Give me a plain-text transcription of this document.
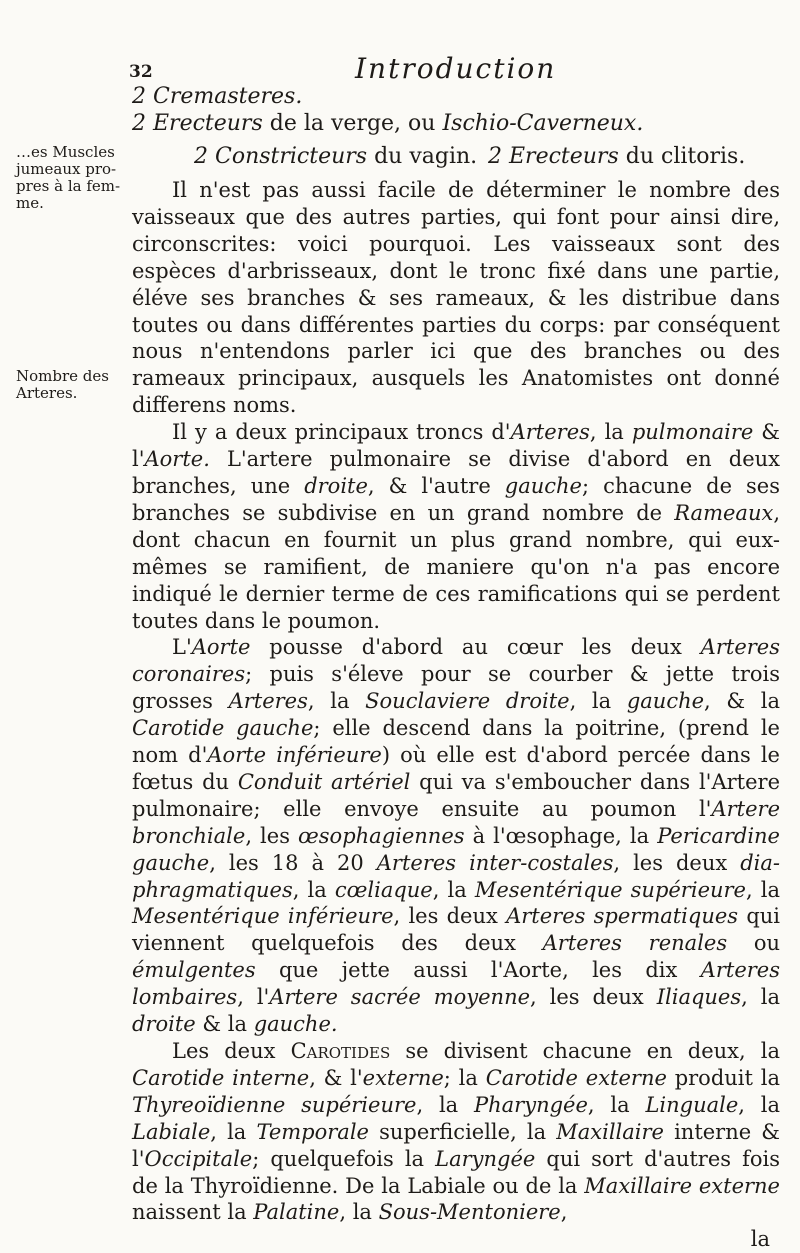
32	Introduction
2 Cremasteres.
2 Erecteurs de la verge, ou Ischio-Caverneux.
2 Constricteurs du vagin. 2 Erecteurs du clitoris.
…es Muscles
jumeaux pro-
pres à la fem-
me.
Nombre des
Arteres.

Il n'est pas aussi facile de déterminer le nombre des vaisseaux que des autres parties, qui font pour ainsi dire, circonscrites: voici pourquoi. Les vaisseaux sont des espèces d'arbrisseaux, dont le tronc fixé dans une partie, éléve ses branches & ses rameaux, & les distribue dans toutes ou dans différentes parties du corps: par conséquent nous n'entendons parler ici que des branches ou des rameaux principaux, ausquels les Anatomistes ont donné differens noms.

Il y a deux principaux troncs d'Arteres, la pulmonaire & l'Aorte. L'artere pulmonaire se divise d'abord en deux branches, une droite, & l'autre gauche; chacune de ses branches se subdivise en un grand nombre de Rameaux, dont chacun en fournit un plus grand nombre, qui eux-mêmes se ramifient, de maniere qu'on n'a pas encore indiqué le dernier terme de ces ramifications qui se perdent toutes dans le poumon.

L'Aorte pousse d'abord au cœur les deux Arteres coronaires; puis s'éleve pour se courber & jette trois grosses Arteres, la Souclaviere droite, la gauche, & la Carotide gauche; elle descend dans la poitrine, (prend le nom d'Aorte inférieure) où elle est d'abord percée dans le fœtus du Conduit artériel qui va s'emboucher dans l'Artere pulmonaire; elle envoye ensuite au poumon l'Artere bronchiale, les œsophagiennes à l'œsophage, la Pericardine gauche, les 18 à 20 Arteres inter-costales, les deux dia-phragmatiques, la cœliaque, la Mesentérique supérieure, la Mesentérique inférieure, les deux Arteres spermatiques qui viennent quelquefois des deux Arteres renales ou émulgentes que jette aussi l'Aorte, les dix Arteres lombaires, l'Artere sacrée moyenne, les deux Iliaques, la droite & la gauche.

Les deux Carotides se divisent chacune en deux, la Carotide interne, & l'externe; la Carotide externe produit la Thyreoïdienne supérieure, la Pharyngée, la Linguale, la Labiale, la Temporale superficielle, la Maxillaire interne & l'Occipitale; quelquefois la Laryngée qui sort d'autres fois de la Thyroïdienne. De la Labiale ou de la Maxillaire externe naissent la Palatine, la Sous-Mentoniere,

la
